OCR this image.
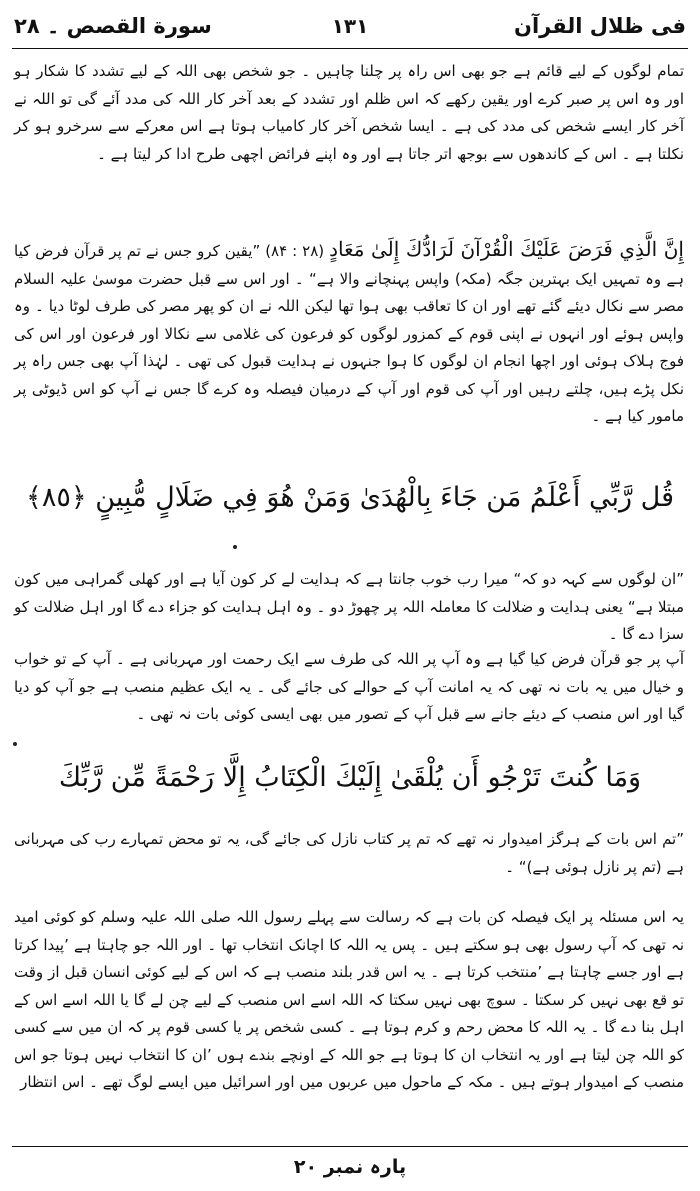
سورة القصص ۔ ۲۸	۱۳۱	فی ظلال القرآن
تمام لوگوں کے لیے قائم ہے جو بھی اس راہ پر چلنا چاہیں ۔ جو شخص بھی اللہ کے لیے تشدد کا شکار ہو اور وہ اس پر صبر کرے اور یقین رکھے کہ اس ظلم اور تشدد کے بعد آخر کار اللہ کی مدد آئے گی تو اللہ نے آخر کار ایسے شخص کی مدد کی ہے ۔ ایسا شخص آخر کار کامیاب ہوتا ہے اس معرکے سے سرخرو ہو کر نکلتا ہے ۔ اس کے کاندھوں سے بوجھ اتر جاتا ہے اور وہ اپنے فرائض اچھی طرح ادا کر لیتا ہے ۔
إِنَّ الَّذِي فَرَضَ عَلَيْكَ الْقُرْآنَ لَرَادُّكَ إِلَىٰ مَعَادٍ (۲۸ : ۸۴) ”یقین کرو جس نے تم پر قرآن فرض کیا ہے وہ تمہیں ایک بہترین جگہ (مکہ) واپس پہنچانے والا ہے“ ۔ اور اس سے قبل حضرت موسیٰ علیہ السلام مصر سے نکال دیئے گئے تھے اور ان کا تعاقب بھی ہوا تھا لیکن اللہ نے ان کو پھر مصر کی طرف لوٹا دیا ۔ وہ واپس ہوئے اور انہوں نے اپنی قوم کے کمزور لوگوں کو فرعون کی غلامی سے نکالا اور فرعون اور اس کی فوج ہلاک ہوئی اور اچھا انجام ان لوگوں کا ہوا جنہوں نے ہدایت قبول کی تھی ۔ لہٰذا آپ بھی جس راہ پر نکل پڑے ہیں، چلتے رہیں اور آپ کی قوم اور آپ کے درمیان فیصلہ وہ کرے گا جس نے آپ کو اس ڈیوٹی پر مامور کیا ہے ۔
قُل رَّبِّي أَعْلَمُ مَن جَاءَ بِالْهُدَىٰ وَمَنْ هُوَ فِي ضَلَالٍ مُّبِينٍ ﴿٨٥﴾
”ان لوگوں سے کہہ دو کہ“ میرا رب خوب جانتا ہے کہ ہدایت لے کر کون آیا ہے اور کھلی گمراہی میں کون مبتلا ہے“ یعنی ہدایت و ضلالت کا معاملہ اللہ پر چھوڑ دو ۔ وہ اہل ہدایت کو جزاء دے گا اور اہل ضلالت کو سزا دے گا ۔
آپ پر جو قرآن فرض کیا گیا ہے وہ آپ پر اللہ کی طرف سے ایک رحمت اور مہربانی ہے ۔ آپ کے تو خواب و خیال میں یہ بات نہ تھی کہ یہ امانت آپ کے حوالے کی جائے گی ۔ یہ ایک عظیم منصب ہے جو آپ کو دیا گیا اور اس منصب کے دیئے جانے سے قبل آپ کے تصور میں بھی ایسی کوئی بات نہ تھی ۔
وَمَا كُنتَ تَرْجُو أَن يُلْقَىٰ إِلَيْكَ الْكِتَابُ إِلَّا رَحْمَةً مِّن رَّبِّكَ
”تم اس بات کے ہرگز امیدوار نہ تھے کہ تم پر کتاب نازل کی جائے گی، یہ تو محض تمہارے رب کی مہربانی ہے (تم پر نازل ہوئی ہے)“ ۔
یہ اس مسئلہ پر ایک فیصلہ کن بات ہے کہ رسالت سے پہلے رسول اللہ صلی اللہ علیہ وسلم کو کوئی امید نہ تھی کہ آپ رسول بھی ہو سکتے ہیں ۔ پس یہ اللہ کا اچانک انتخاب تھا ۔ اور اللہ جو چاہتا ہے ’پیدا کرتا ہے اور جسے چاہتا ہے ’منتخب کرتا ہے ۔ یہ اس قدر بلند منصب ہے کہ اس کے لیے کوئی انسان قبل از وقت تو قع بھی نہیں کر سکتا ۔ سوچ بھی نہیں سکتا کہ اللہ اسے اس منصب کے لیے چن لے گا یا اللہ اسے اس کے اہل بنا دے گا ۔ یہ اللہ کا محض رحم و کرم ہوتا ہے ۔ کسی شخص پر یا کسی قوم پر کہ ان میں سے کسی کو اللہ چن لیتا ہے اور یہ انتخاب ان کا ہوتا ہے جو اللہ کے اونچے بندے ہوں ’ان کا انتخاب نہیں ہوتا جو اس منصب کے امیدوار ہوتے ہیں ۔ مکہ کے ماحول میں عربوں میں اور اسرائیل میں ایسے لوگ تھے ۔ اس انتظار
پارہ نمبر ۲۰
